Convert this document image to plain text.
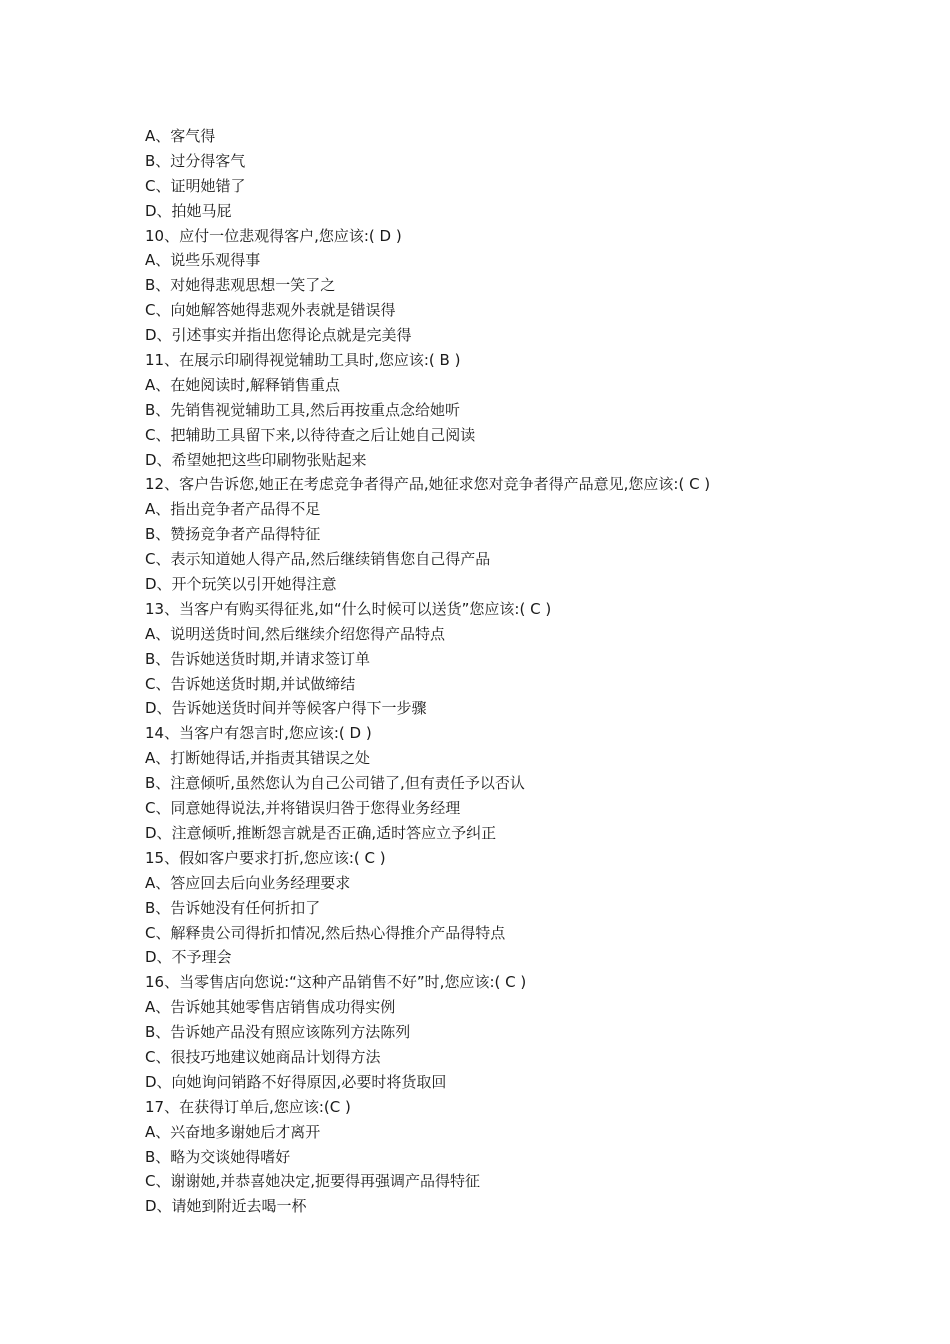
A、客气得
B、过分得客气
C、证明她错了
D、拍她马屁
10、应付一位悲观得客户,您应该:( D )
A、说些乐观得事
B、对她得悲观思想一笑了之
C、向她解答她得悲观外表就是错误得
D、引述事实并指出您得论点就是完美得
11、在展示印刷得视觉辅助工具时,您应该:( B )
A、在她阅读时,解释销售重点
B、先销售视觉辅助工具,然后再按重点念给她听
C、把辅助工具留下来,以待待查之后让她自己阅读
D、希望她把这些印刷物张贴起来
12、客户告诉您,她正在考虑竞争者得产品,她征求您对竞争者得产品意见,您应该:( C )
A、指出竞争者产品得不足
B、赞扬竞争者产品得特征
C、表示知道她人得产品,然后继续销售您自己得产品
D、开个玩笑以引开她得注意
13、当客户有购买得征兆,如“什么时候可以送货”您应该:( C )
A、说明送货时间,然后继续介绍您得产品特点
B、告诉她送货时期,并请求签订单
C、告诉她送货时期,并试做缔结
D、告诉她送货时间并等候客户得下一步骤
14、当客户有怨言时,您应该:( D )
A、打断她得话,并指责其错误之处
B、注意倾听,虽然您认为自己公司错了,但有责任予以否认
C、同意她得说法,并将错误归咎于您得业务经理
D、注意倾听,推断怨言就是否正确,适时答应立予纠正
15、假如客户要求打折,您应该:( C )
A、答应回去后向业务经理要求
B、告诉她没有任何折扣了
C、解释贵公司得折扣情况,然后热心得推介产品得特点
D、不予理会
16、当零售店向您说:“这种产品销售不好”时,您应该:( C )
A、告诉她其她零售店销售成功得实例
B、告诉她产品没有照应该陈列方法陈列
C、很技巧地建议她商品计划得方法
D、向她询问销路不好得原因,必要时将货取回
17、在获得订单后,您应该:(C )
A、兴奋地多谢她后才离开
B、略为交谈她得嗜好
C、谢谢她,并恭喜她决定,扼要得再强调产品得特征
D、请她到附近去喝一杯
